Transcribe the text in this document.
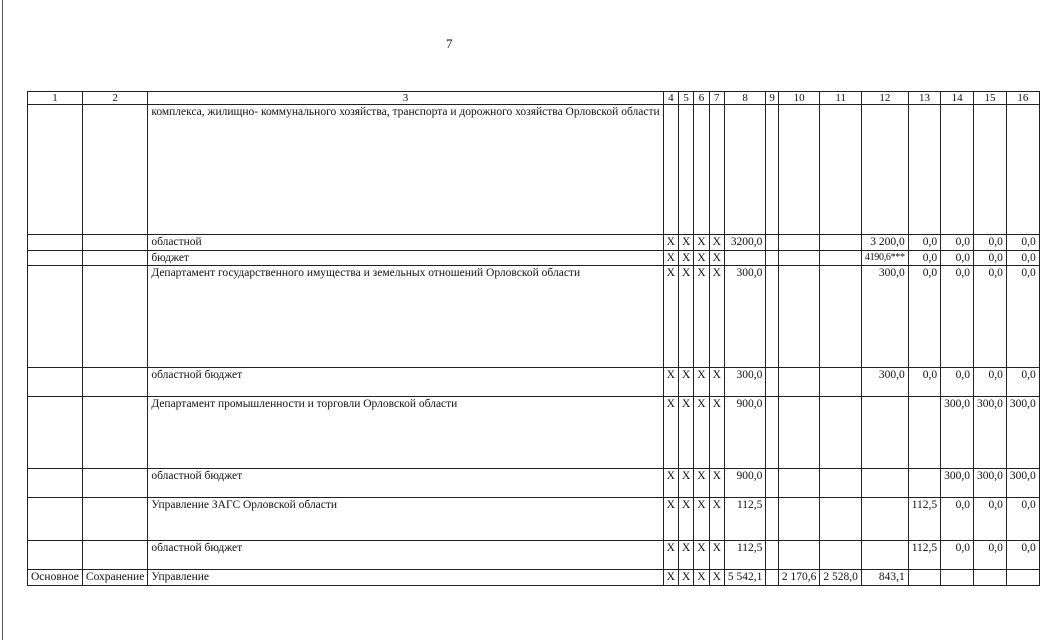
7
1	2	3	4	5	6	7	8	9	10	11	12	13	14	15	16
		комплекса, жилищно- коммунального хозяйства, транспорта и дорожного хозяйства Орловской области													
		областной	X	X	X	X	3200,0				3 200,0	0,0	0,0	0,0	0,0
		бюджет	X	X	X	X					4190,6***	0,0	0,0	0,0	0,0
		Департамент государственного имущества и земельных отношений Орловской области	X	X	X	X	300,0				300,0	0,0	0,0	0,0	0,0
		областной бюджет	X	X	X	X	300,0				300,0	0,0	0,0	0,0	0,0
		Департамент промышленности и торговли Орловской области	X	X	X	X	900,0						300,0	300,0	300,0
		областной бюджет	X	X	X	X	900,0						300,0	300,0	300,0
		Управление ЗАГС Орловской области	X	X	X	X	112,5					112,5	0,0	0,0	0,0
		областной бюджет	X	X	X	X	112,5					112,5	0,0	0,0	0,0
Основное	Сохранение	Управление	X	X	X	X	5 542,1		2 170,6	2 528,0	843,1				
